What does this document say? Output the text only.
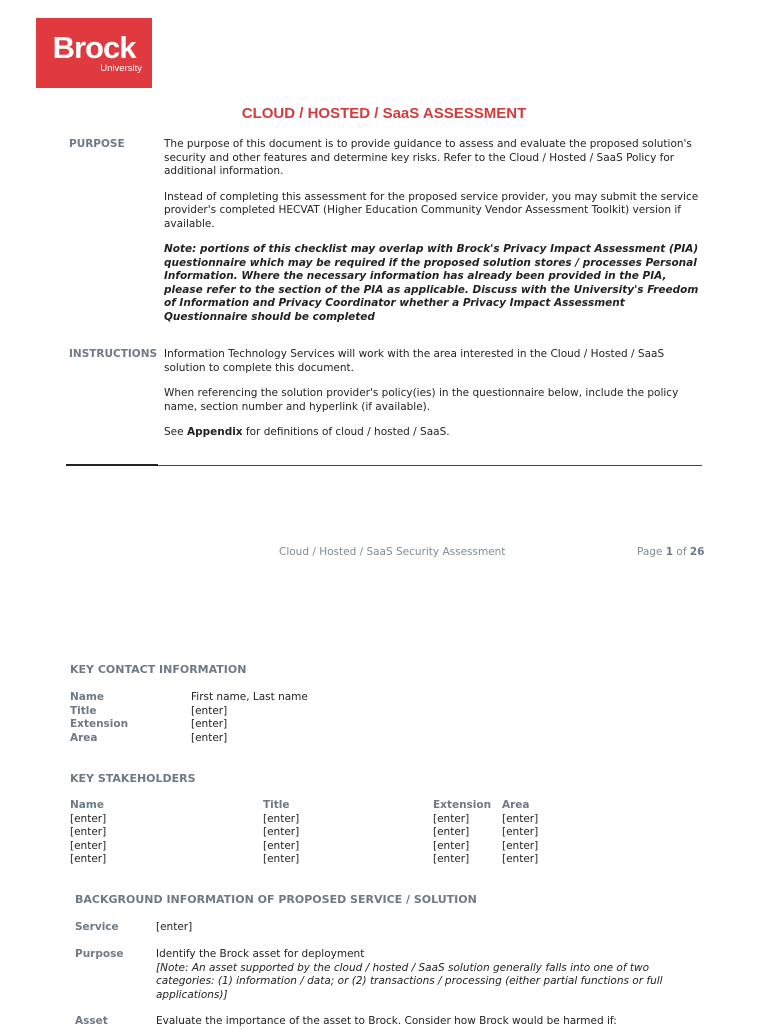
Brock
University
CLOUD / HOSTED / SaaS ASSESSMENT
PURPOSE	The purpose of this document is to provide guidance to assess and evaluate the proposed solution's security and other features and determine key risks. Refer to the Cloud / Hosted / SaaS Policy for additional information.

Instead of completing this assessment for the proposed service provider, you may submit the service provider's completed HECVAT (Higher Education Community Vendor Assessment Toolkit) version if available.

Note: portions of this checklist may overlap with Brock's Privacy Impact Assessment (PIA) questionnaire which may be required if the proposed solution stores / processes Personal Information. Where the necessary information has already been provided in the PIA, please refer to the section of the PIA as applicable. Discuss with the University's Freedom of Information and Privacy Coordinator whether a Privacy Impact Assessment Questionnaire should be completed

INSTRUCTIONS Information Technology Services will work with the area interested in the Cloud / Hosted / SaaS solution to complete this document.

When referencing the solution provider's policy(ies) in the questionnaire below, include the policy name, section number and hyperlink (if available).

See Appendix for definitions of cloud / hosted / SaaS.

Cloud / Hosted / SaaS Security Assessment	Page 1 of 26
KEY CONTACT INFORMATION
Name	First name, Last name
Title	[enter]
Extension	[enter]
Area	[enter]
KEY STAKEHOLDERS
Name	Title	Extension Area
[enter]	[enter]	[enter]	[enter]
[enter]	[enter]	[enter]	[enter]
[enter]	[enter]	[enter]	[enter]
[enter]	[enter]	[enter]	[enter]
BACKGROUND INFORMATION OF PROPOSED SERVICE / SOLUTION
Service	[enter]
Purpose	Identify the Brock asset for deployment
[Note: An asset supported by the cloud / hosted / SaaS solution generally falls into one of two categories: (1) information / data; or (2) transactions / processing (either partial functions or full applications)]
Asset	Evaluate the importance of the asset to Brock. Consider how Brock would be harmed if:
